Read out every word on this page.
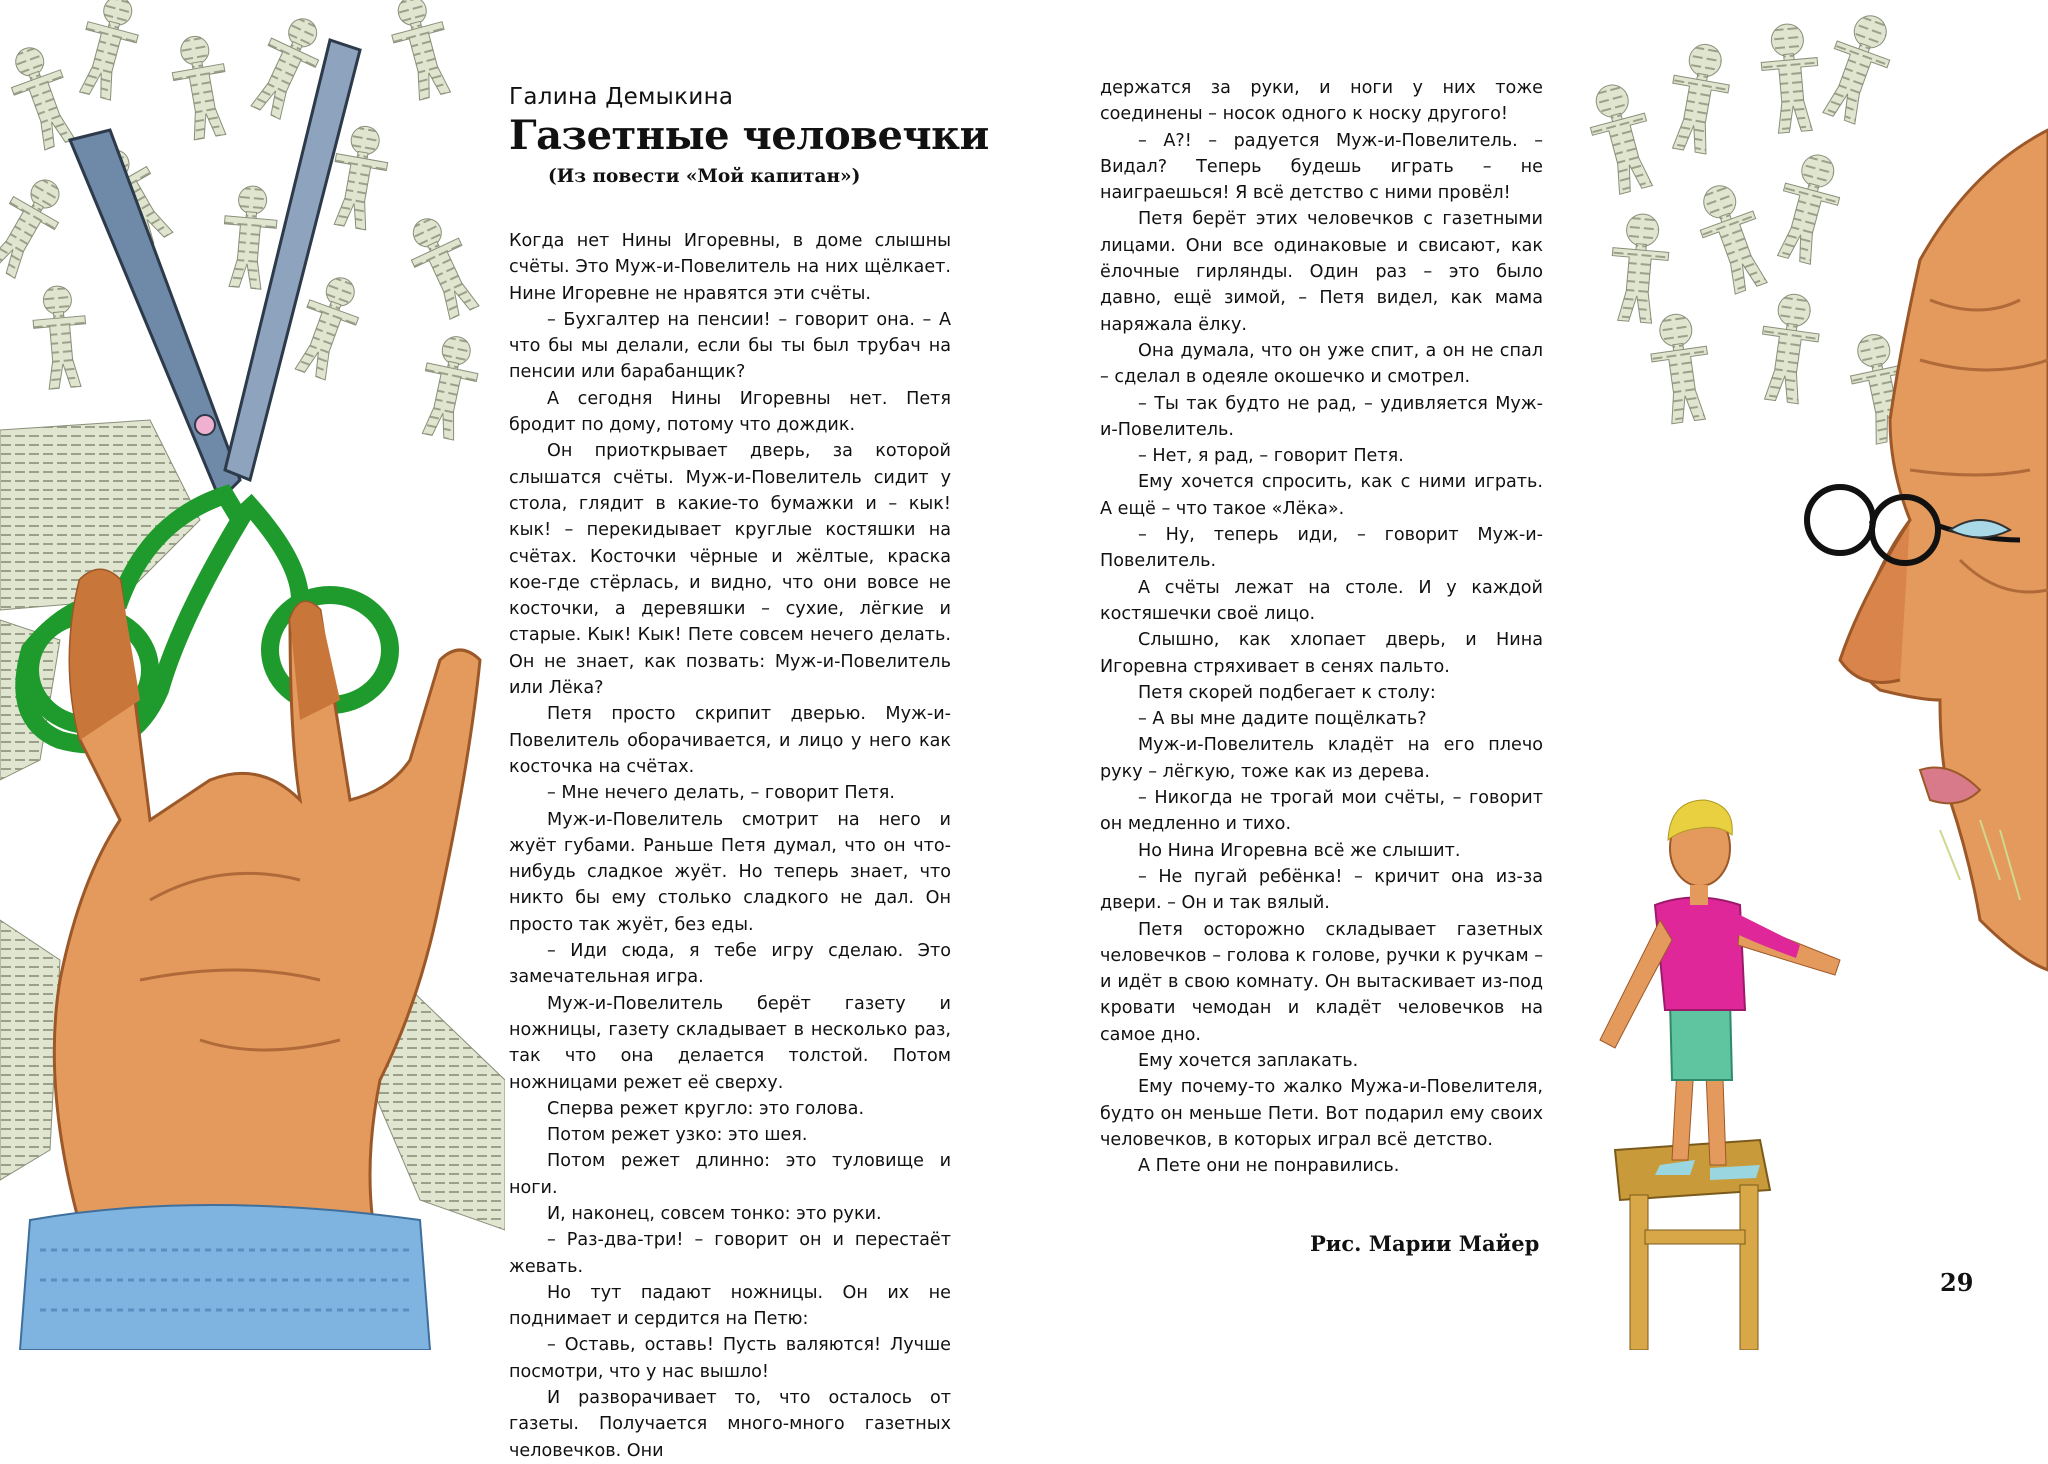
Галина Демыкина
Газетные человечки
(Из повести «Мой капитан»)

Когда нет Нины Игоревны, в доме слышны счёты. Это Муж-и-Повелитель на них щёлкает. Нине Игоревне не нравятся эти счёты.

– Бухгалтер на пенсии! – говорит она. – А что бы мы делали, если бы ты был трубач на пенсии или барабанщик?

А сегодня Нины Игоревны нет. Петя бродит по дому, потому что дождик.

Он приоткрывает дверь, за которой слышатся счёты. Муж-и-Повелитель сидит у стола, глядит в какие-то бумажки и – кык! кык! – перекидывает круглые костяшки на счётах. Косточки чёрные и жёлтые, краска кое-где стёрлась, и видно, что они вовсе не косточки, а деревяшки – сухие, лёгкие и старые. Кык! Кык! Пете совсем нечего делать. Он не знает, как позвать: Муж-и-Повелитель или Лёка?

Петя просто скрипит дверью. Муж-и-Повелитель оборачивается, и лицо у него как косточка на счётах.

– Мне нечего делать, – говорит Петя.

Муж-и-Повелитель смотрит на него и жуёт губами. Раньше Петя думал, что он что-нибудь сладкое жуёт. Но теперь знает, что никто бы ему столько сладкого не дал. Он просто так жуёт, без еды.

– Иди сюда, я тебе игру сделаю. Это замечательная игра.

Муж-и-Повелитель берёт газету и ножницы, газету складывает в несколько раз, так что она делается толстой. Потом ножницами режет её сверху.

Сперва режет кругло: это голова.

Потом режет узко: это шея.

Потом режет длинно: это туловище и ноги.

И, наконец, совсем тонко: это руки.

– Раз-два-три! – говорит он и перестаёт жевать.

Но тут падают ножницы. Он их не поднимает и сердится на Петю:

– Оставь, оставь! Пусть валяются! Лучше посмотри, что у нас вышло!

И разворачивает то, что осталось от газеты. Получается много-много газетных человечков. Они

держатся за руки, и ноги у них тоже соединены – носок одного к носку другого!

– А?! – радуется Муж-и-Повелитель. – Видал? Теперь будешь играть – не наиграешься! Я всё детство с ними провёл!

Петя берёт этих человечков с газетными лицами. Они все одинаковые и свисают, как ёлочные гирлянды. Один раз – это было давно, ещё зимой, – Петя видел, как мама наряжала ёлку.

Она думала, что он уже спит, а он не спал – сделал в одеяле окошечко и смотрел.

– Ты так будто не рад, – удивляется Муж-и-Повелитель.

– Нет, я рад, – говорит Петя.

Ему хочется спросить, как с ними играть. А ещё – что такое «Лёка».

– Ну, теперь иди, – говорит Муж-и-Повелитель.

А счёты лежат на столе. И у каждой костяшечки своё лицо.

Слышно, как хлопает дверь, и Нина Игоревна стряхивает в сенях пальто.

Петя скорей подбегает к столу:

– А вы мне дадите пощёлкать?

Муж-и-Повелитель кладёт на его плечо руку – лёгкую, тоже как из дерева.

– Никогда не трогай мои счёты, – говорит он медленно и тихо.

Но Нина Игоревна всё же слышит.

– Не пугай ребёнка! – кричит она из-за двери. – Он и так вялый.

Петя осторожно складывает газетных человечков – голова к голове, ручки к ручкам – и идёт в свою комнату. Он вытаскивает из-под кровати чемодан и кладёт человечков на самое дно.

Ему хочется заплакать.

Ему почему-то жалко Мужа-и-Повелителя, будто он меньше Пети. Вот подарил ему своих человечков, в которых играл всё детство.

А Пете они не понравились.

Рис. Марии Майер
29
